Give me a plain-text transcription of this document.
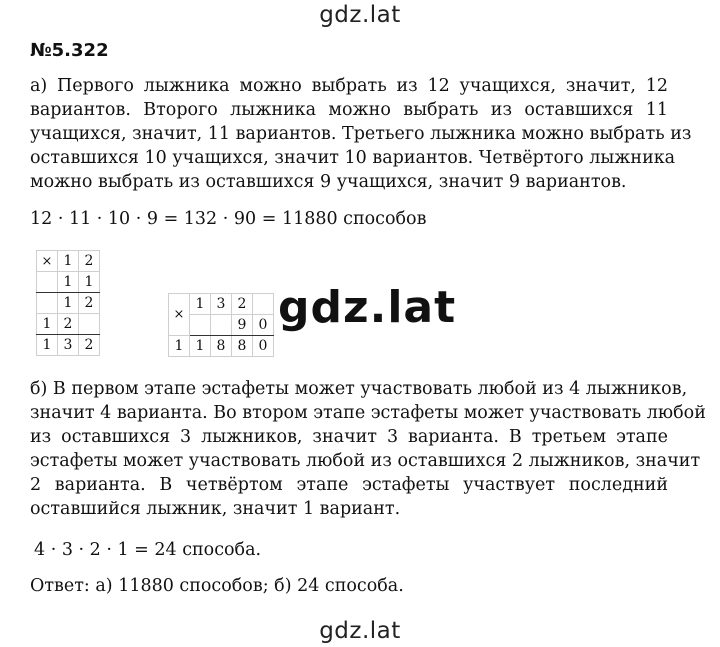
gdz.lat
№5.322
а) Первого лыжника можно выбрать из 12 учащихся, значит, 12
вариантов. Второго лыжника можно выбрать из оставшихся 11
учащихся, значит, 11 вариантов. Третьего лыжника можно выбрать из
оставшихся 10 учащихся, значит 10 вариантов. Четвёртого лыжника
можно выбрать из оставшихся 9 учащихся, значит 9 вариантов.
12 · 11 · 10 · 9 = 132 · 90 = 11880 способов
×	1	2
	1	1
	1	2
1	2	
1	3	2
×	1	3	2	
			9	0
1	1	8	8	0
gdz.lat
б) В первом этапе эстафеты может участвовать любой из 4 лыжников,
значит 4 варианта. Во втором этапе эстафеты может участвовать любой
из оставшихся 3 лыжников, значит 3 варианта. В третьем этапе
эстафеты может участвовать любой из оставшихся 2 лыжников, значит
2 варианта. В четвёртом этапе эстафеты участвует последний
оставшийся лыжник, значит 1 вариант.
4 · 3 · 2 · 1 = 24 способа.
Ответ: а) 11880 способов; б) 24 способа.
gdz.lat
